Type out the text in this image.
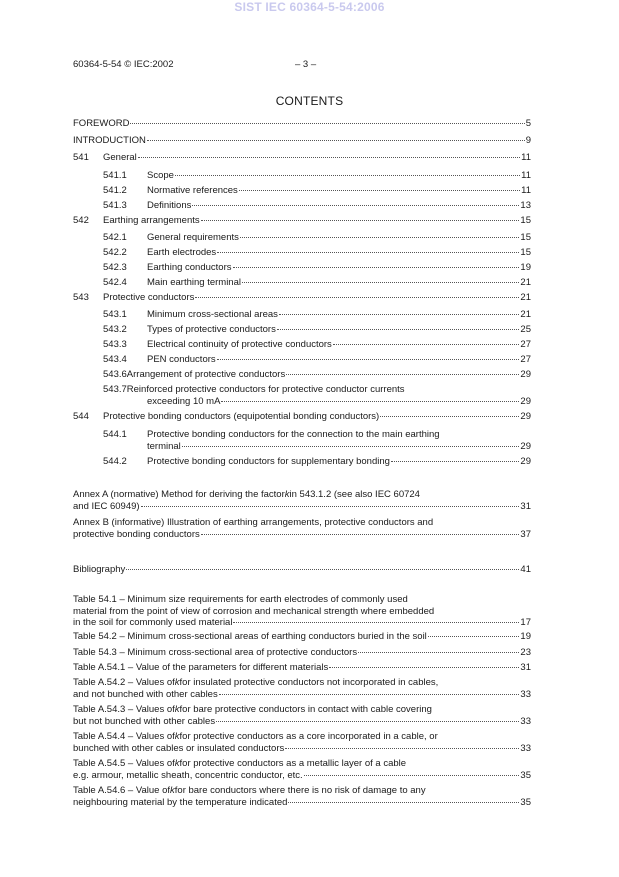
SIST IEC 60364-5-54:2006
60364-5-54 © IEC:2002	– 3 –
CONTENTS
FOREWORD	5
INTRODUCTION	9
541	General	11
541.1	Scope	11
541.2	Normative references	11
541.3	Definitions	13
542	Earthing arrangements	15
542.1	General requirements	15
542.2	Earth electrodes	15
542.3	Earthing conductors	19
542.4	Main earthing terminal	21
543	Protective conductors	21
543.1	Minimum cross-sectional areas	21
543.2	Types of protective conductors	25
543.3	Electrical continuity of protective conductors	27
543.4	PEN conductors	27
543.6 Arrangement of protective conductors	29
543.7 Reinforced protective conductors for protective conductor currents
exceeding 10 mA	29
544	Protective bonding conductors (equipotential bonding conductors)	29
544.1	Protective bonding conductors for the connection to the main earthing
terminal	29
544.2	Protective bonding conductors for supplementary bonding	29
Annex A (normative) Method for deriving the factor k in 543.1.2 (see also IEC 60724
and IEC 60949)	31
Annex B (informative) Illustration of earthing arrangements, protective conductors and
protective bonding conductors	37
Bibliography	41
Table 54.1 – Minimum size requirements for earth electrodes of commonly used
material from the point of view of corrosion and mechanical strength where embedded
in the soil for commonly used material	17
Table 54.2 – Minimum cross-sectional areas of earthing conductors buried in the soil	19
Table 54.3 – Minimum cross-sectional area of protective conductors	23
Table A.54.1 – Value of the parameters for different materials	31
Table A.54.2 – Values of k for insulated protective conductors not incorporated in cables,
and not bunched with other cables	33
Table A.54.3 – Values of k for bare protective conductors in contact with cable covering
but not bunched with other cables	33
Table A.54.4 – Values of k for protective conductors as a core incorporated in a cable, or
bunched with other cables or insulated conductors	33
Table A.54.5 – Values of k for protective conductors as a metallic layer of a cable
e.g. armour, metallic sheath, concentric conductor, etc.	35
Table A.54.6 – Value of k for bare conductors where there is no risk of damage to any
neighbouring material by the temperature indicated	35
